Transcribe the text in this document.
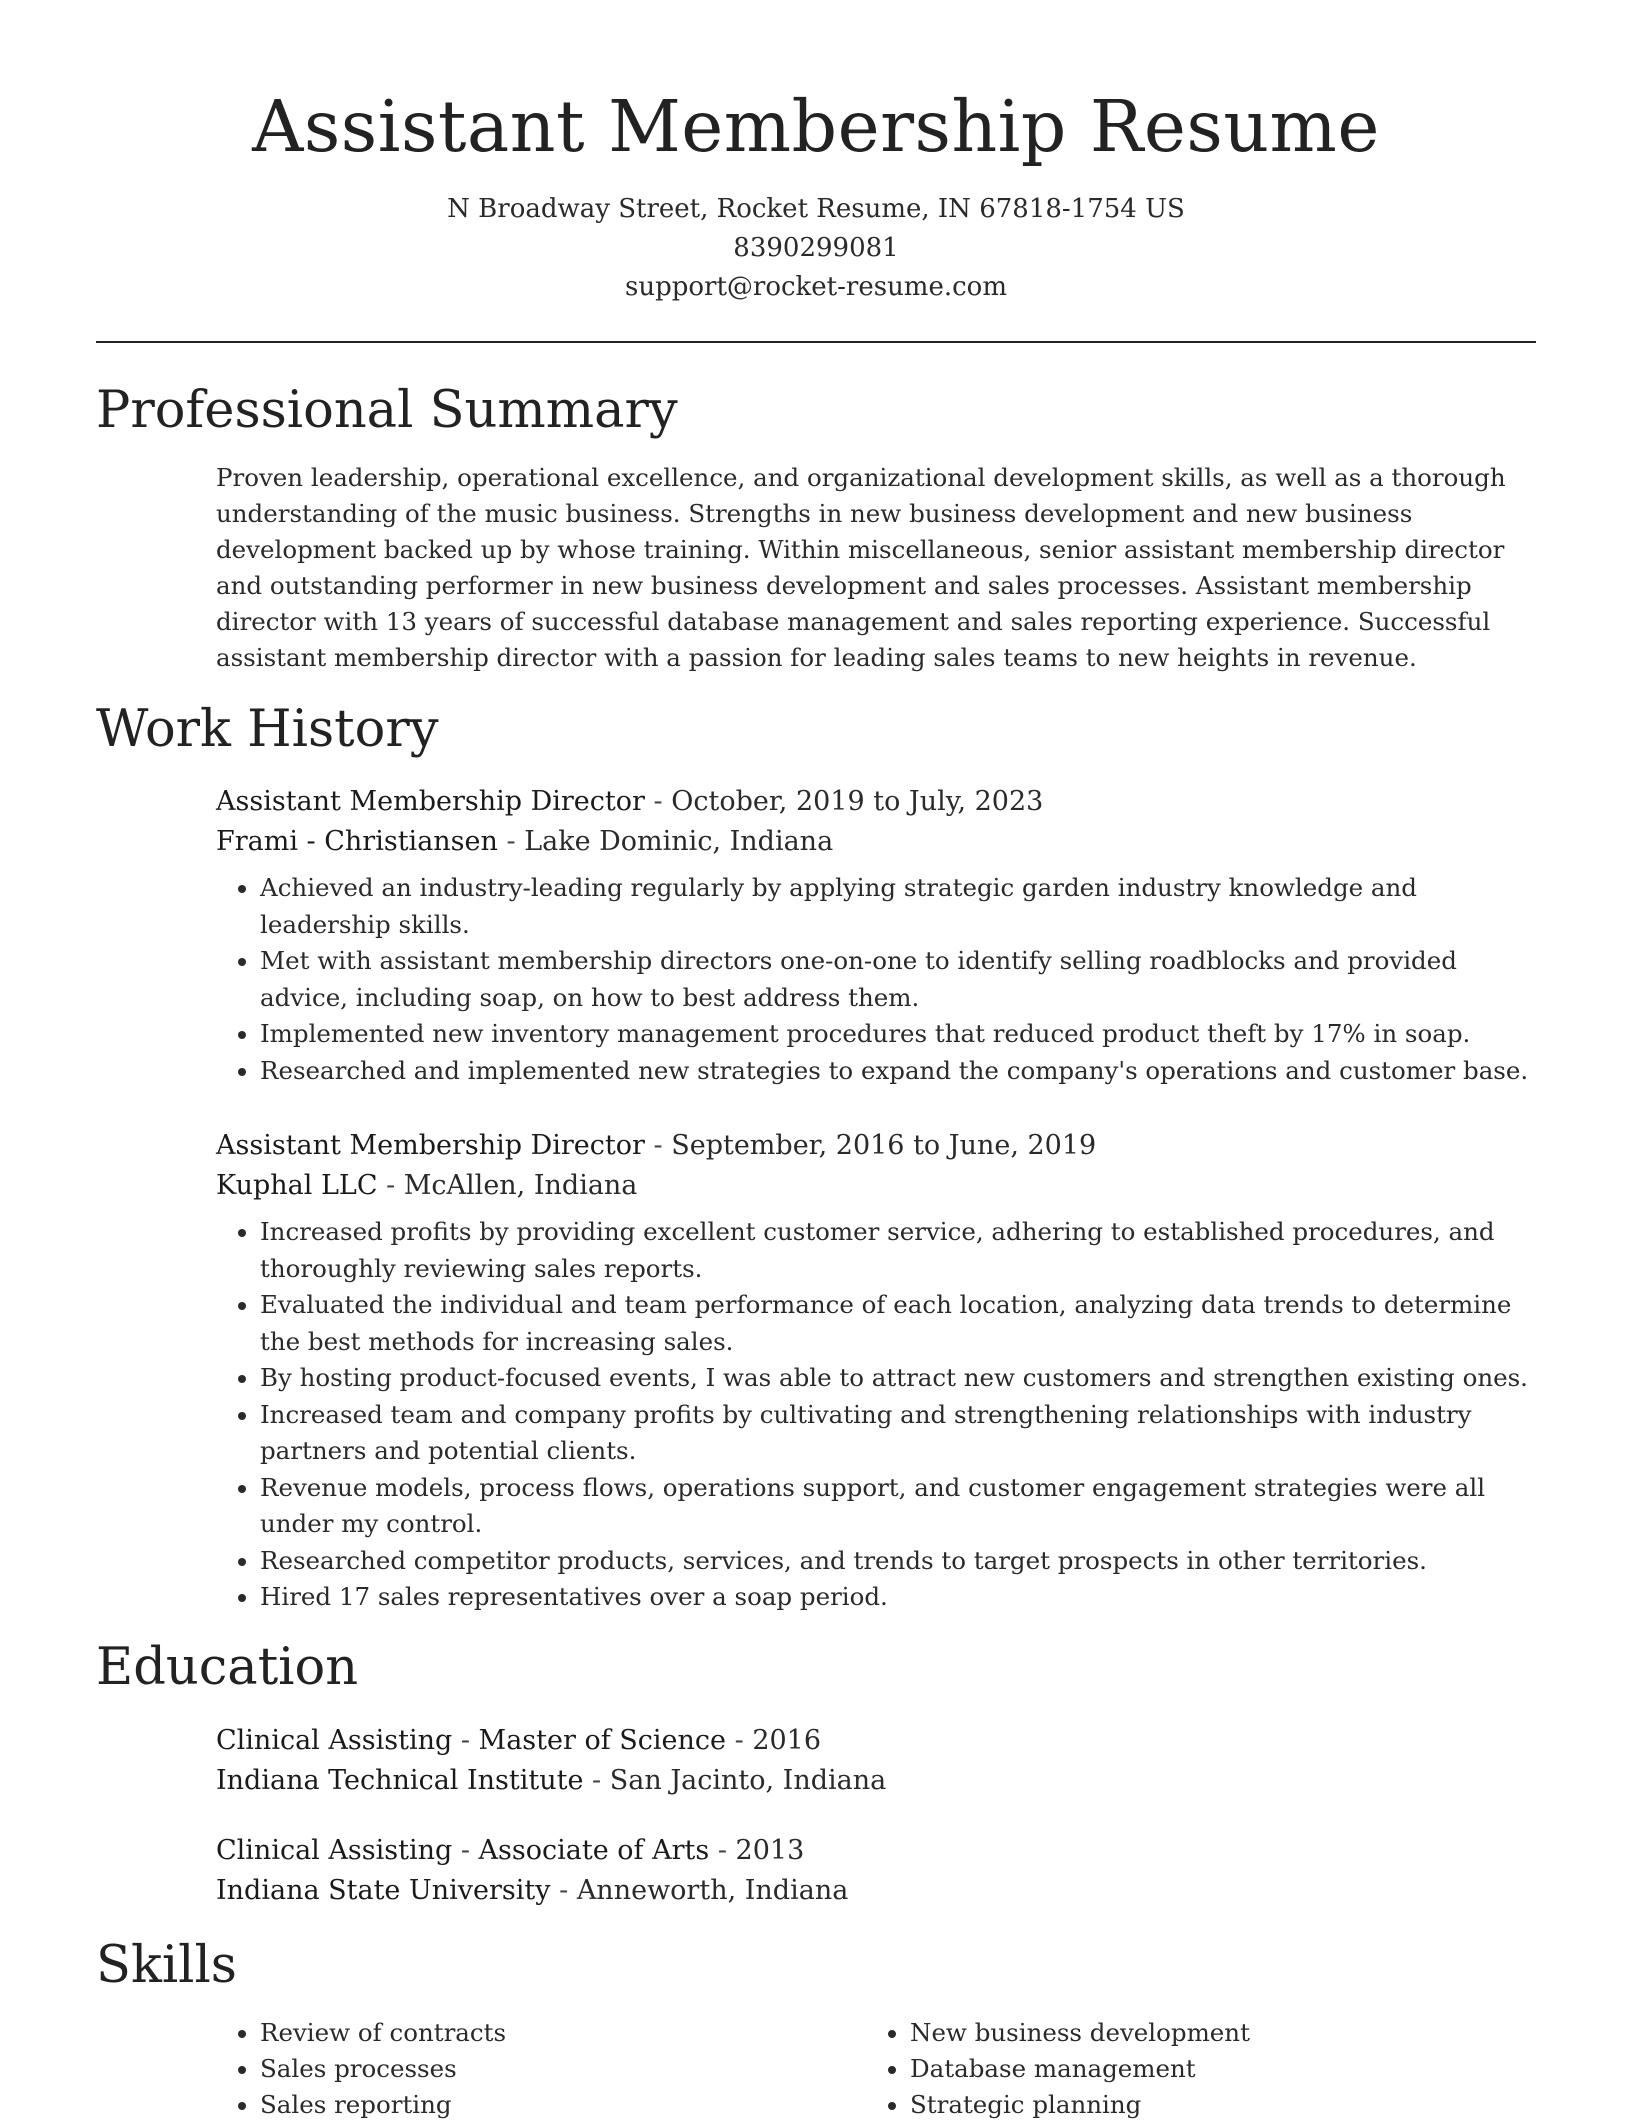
Assistant Membership Resume
N Broadway Street, Rocket Resume, IN 67818-1754 US
8390299081
support@rocket-resume.com
Professional Summary

Proven leadership, operational excellence, and organizational development skills, as well as a thorough understanding of the music business. Strengths in new business development and new business development backed up by whose training. Within miscellaneous, senior assistant membership director and outstanding performer in new business development and sales processes. Assistant membership director with 13 years of successful database management and sales reporting experience. Successful assistant membership director with a passion for leading sales teams to new heights in revenue.

Work History
Assistant Membership Director - October, 2019 to July, 2023
Frami - Christiansen - Lake Dominic, Indiana
• Achieved an industry-leading regularly by applying strategic garden industry knowledge and leadership skills.
• Met with assistant membership directors one-on-one to identify selling roadblocks and provided advice, including soap, on how to best address them.
• Implemented new inventory management procedures that reduced product theft by 17% in soap.
• Researched and implemented new strategies to expand the company's operations and customer base.
Assistant Membership Director - September, 2016 to June, 2019
Kuphal LLC - McAllen, Indiana
• Increased profits by providing excellent customer service, adhering to established procedures, and thoroughly reviewing sales reports.
• Evaluated the individual and team performance of each location, analyzing data trends to determine the best methods for increasing sales.
• By hosting product-focused events, I was able to attract new customers and strengthen existing ones.
• Increased team and company profits by cultivating and strengthening relationships with industry partners and potential clients.
• Revenue models, process flows, operations support, and customer engagement strategies were all under my control.
• Researched competitor products, services, and trends to target prospects in other territories.
• Hired 17 sales representatives over a soap period.
Education
Clinical Assisting - Master of Science - 2016
Indiana Technical Institute - San Jacinto, Indiana
Clinical Assisting - Associate of Arts - 2013
Indiana State University - Anneworth, Indiana
Skills
• Review of contracts
• Sales processes
• Sales reporting
• New business development
• Database management
• Strategic planning
